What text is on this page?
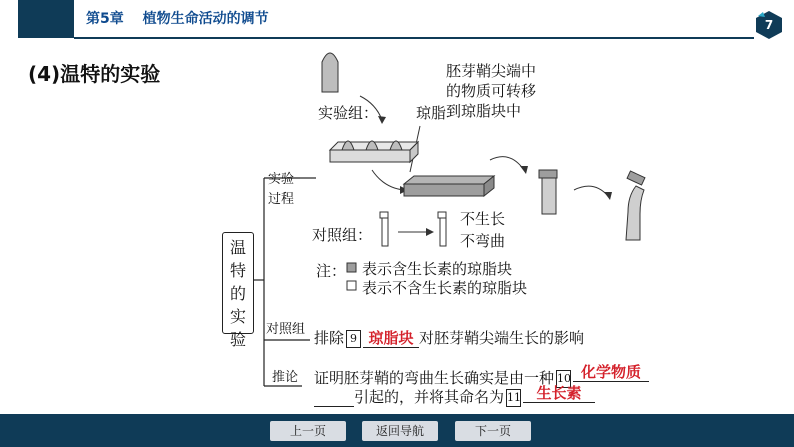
第5章 植物生命活动的调节	7
(4)温特的实验
温
特
的
实
验
实验
过程
对照组
推论
实验组：	琼脂
胚芽鞘尖端中
的物质可转移
到琼脂块中
对照组：
不生长
不弯曲
注： 表示含生长素的琼脂块
表示不含生长素的琼脂块
排除 9 琼脂块 对胚芽鞘尖端生长的影响
证明胚芽鞘的弯曲生长确实是由一种 10 化学物质
引起的，并将其命名为 11 生长素
上一页	返回导航	下一页
